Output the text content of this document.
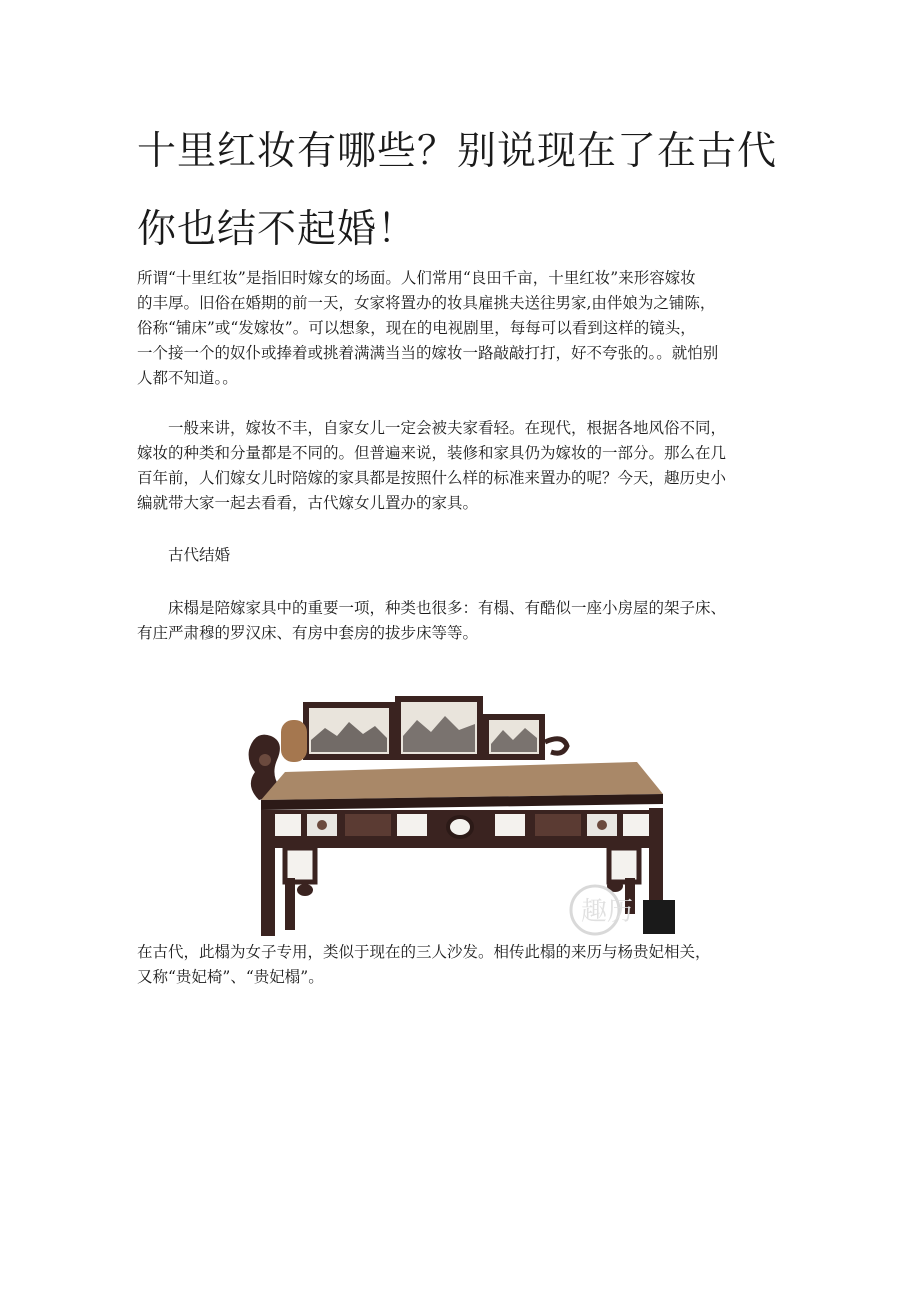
十里红妆有哪些？别说现在了在古代
你也结不起婚！

所谓“十里红妆”是指旧时嫁女的场面。人们常用“良田千亩，十里红妆”来形容嫁妆
的丰厚。旧俗在婚期的前一天，女家将置办的妆具雇挑夫送往男家,由伴娘为之铺陈，
俗称“铺床”或“发嫁妆”。可以想象，现在的电视剧里，每每可以看到这样的镜头，
一个接一个的奴仆或捧着或挑着满满当当的嫁妆一路敲敲打打，好不夸张的。。就怕别
人都不知道。。

一般来讲，嫁妆不丰，自家女儿一定会被夫家看轻。在现代，根据各地风俗不同，
嫁妆的种类和分量都是不同的。但普遍来说，装修和家具仍为嫁妆的一部分。那么在几
百年前，人们嫁女儿时陪嫁的家具都是按照什么样的标准来置办的呢？今天，趣历史小
编就带大家一起去看看，古代嫁女儿置办的家具。

古代结婚

床榻是陪嫁家具中的重要一项，种类也很多：有榻、有酷似一座小房屋的架子床、
有庄严肃穆的罗汉床、有房中套房的拔步床等等。

趣历

在古代，此榻为女子专用，类似于现在的三人沙发。相传此榻的来历与杨贵妃相关，
又称“贵妃椅”、“贵妃榻”。
